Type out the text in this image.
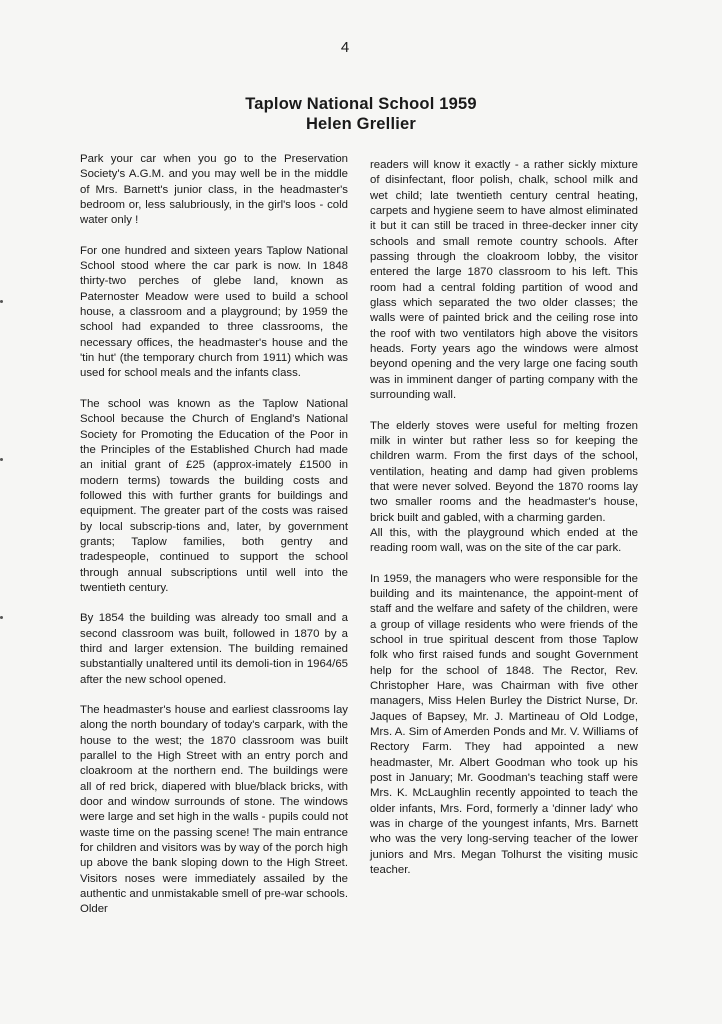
4
Taplow National School 1959
Helen Grellier

Park your car when you go to the Preservation Society's A.G.M. and you may well be in the middle of Mrs. Barnett's junior class, in the headmaster's bedroom or, less salubriously, in the girl's loos - cold water only !

For one hundred and sixteen years Taplow National School stood where the car park is now. In 1848 thirty-two perches of glebe land, known as Paternoster Meadow were used to build a school house, a classroom and a playground; by 1959 the school had expanded to three classrooms, the necessary offices, the headmaster's house and the 'tin hut' (the temporary church from 1911) which was used for school meals and the infants class.

The school was known as the Taplow National School because the Church of England's National Society for Promoting the Education of the Poor in the Principles of the Established Church had made an initial grant of £25 (approx-imately £1500 in modern terms) towards the building costs and followed this with further grants for buildings and equipment. The greater part of the costs was raised by local subscrip-tions and, later, by government grants; Taplow families, both gentry and tradespeople, continued to support the school through annual subscriptions until well into the twentieth century.

By 1854 the building was already too small and a second classroom was built, followed in 1870 by a third and larger extension. The building remained substantially unaltered until its demoli-tion in 1964/65 after the new school opened.

The headmaster's house and earliest classrooms lay along the north boundary of today's carpark, with the house to the west; the 1870 classroom was built parallel to the High Street with an entry porch and cloakroom at the northern end. The buildings were all of red brick, diapered with blue/black bricks, with door and window surrounds of stone. The windows were large and set high in the walls - pupils could not waste time on the passing scene! The main entrance for children and visitors was by way of the porch high up above the bank sloping down to the High Street. Visitors noses were immediately assailed by the authentic and unmistakable smell of pre-war schools. Older

readers will know it exactly - a rather sickly mixture of disinfectant, floor polish, chalk, school milk and wet child; late twentieth century central heating, carpets and hygiene seem to have almost eliminated it but it can still be traced in three-decker inner city schools and small remote country schools. After passing through the cloakroom lobby, the visitor entered the large 1870 classroom to his left. This room had a central folding partition of wood and glass which separated the two older classes; the walls were of painted brick and the ceiling rose into the roof with two ventilators high above the visitors heads. Forty years ago the windows were almost beyond opening and the very large one facing south was in imminent danger of parting company with the surrounding wall.

The elderly stoves were useful for melting frozen milk in winter but rather less so for keeping the children warm. From the first days of the school, ventilation, heating and damp had given problems that were never solved. Beyond the 1870 rooms lay two smaller rooms and the headmaster's house, brick built and gabled, with a charming garden.

All this, with the playground which ended at the reading room wall, was on the site of the car park.

In 1959, the managers who were responsible for the building and its maintenance, the appoint-ment of staff and the welfare and safety of the children, were a group of village residents who were friends of the school in true spiritual descent from those Taplow folk who first raised funds and sought Government help for the school of 1848. The Rector, Rev. Christopher Hare, was Chairman with five other managers, Miss Helen Burley the District Nurse, Dr. Jaques of Bapsey, Mr. J. Martineau of Old Lodge, Mrs. A. Sim of Amerden Ponds and Mr. V. Williams of Rectory Farm. They had appointed a new headmaster, Mr. Albert Goodman who took up his post in January; Mr. Goodman's teaching staff were Mrs. K. McLaughlin recently appointed to teach the older infants, Mrs. Ford, formerly a 'dinner lady' who was in charge of the youngest infants, Mrs. Barnett who was the very long-serving teacher of the lower juniors and Mrs. Megan Tolhurst the visiting music teacher.
